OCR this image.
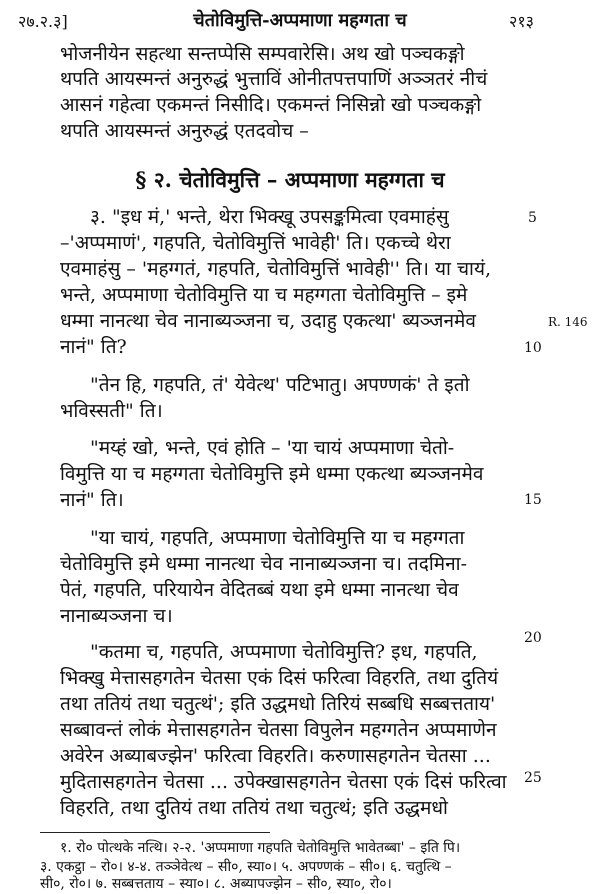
२७.२.३]	चेतोविमुत्ति-अप्पमाणा महग्गता च	२१३
भोजनीयेन सहत्था सन्तप्पेसि सम्पवारेसि। अथ खो पञ्चकङ्गो
थपति आयस्मन्तं अनुरुद्धं भुत्ताविं ओनीतपत्तपाणिं अञ्ञतरं नीचं
आसनं गहेत्वा एकमन्तं निसीदि। एकमन्तं निसिन्नो खो पञ्चकङ्गो
थपति आयस्मन्तं अनुरुद्धं एतदवोच –
§ २. चेतोविमुत्ति – अप्पमाणा महग्गता च
३. "इध मं,' भन्ते, थेरा भिक्खू उपसङ्कमित्वा एवमाहंसु
–'अप्पमाणं', गहपति, चेतोविमुत्तिं भावेही' ति। एकच्चे थेरा
एवमाहंसु – 'महग्गतं, गहपति, चेतोविमुत्तिं भावेही'' ति। या चायं,
भन्ते, अप्पमाणा चेतोविमुत्ति या च महग्गता चेतोविमुत्ति – इमे
धम्मा नानत्था चेव नानाब्यञ्जना च, उदाहु एकत्था' ब्यञ्जनमेव
नानं" ति?
"तेन हि, गहपति, तं' येवेत्थ' पटिभातु। अपण्णकं' ते इतो
भविस्सती" ति।
"मय्हं खो, भन्ते, एवं होति – 'या चायं अप्पमाणा चेतो-
विमुत्ति या च महग्गता चेतोविमुत्ति इमे धम्मा एकत्था ब्यञ्जनमेव
नानं" ति।
"या चायं, गहपति, अप्पमाणा चेतोविमुत्ति या च महग्गता
चेतोविमुत्ति इमे धम्मा नानत्था चेव नानाब्यञ्जना च। तदमिना-
पेतं, गहपति, परियायेन वेदितब्बं यथा इमे धम्मा नानत्था चेव
नानाब्यञ्जना च।
"कतमा च, गहपति, अप्पमाणा चेतोविमुत्ति? इध, गहपति,
भिक्खु मेत्तासहगतेन चेतसा एकं दिसं फरित्वा विहरति, तथा दुतियं
तथा ततियं तथा चतुत्थं'; इति उद्धमधो तिरियं सब्बधि सब्बत्तताय'
सब्बावन्तं लोकं मेत्तासहगतेन चेतसा विपुलेन महग्गतेन अप्पमाणेन
अवेरेन अब्याबज्झेन' फरित्वा विहरति। करुणासहगतेन चेतसा ...
मुदितासहगतेन चेतसा ... उपेक्खासहगतेन चेतसा एकं दिसं फरित्वा
विहरति, तथा दुतियं तथा ततियं तथा चतुत्थं; इति उद्धमधो
5
10
15
20
25
R. 146
१. रो० पोत्थके नत्थि। २-२. 'अप्पमाणा गहपति चेतोविमुत्ति भावेतब्बा' – इति पि।
३. एकट्ठा – रो०। ४-४. तञ्ञेवेत्थ – सी०, स्या०। ५. अपण्णकं – सी०। ६. चतुत्थि –
सी०, रो०। ७. सब्बत्तताय – स्या०। ८. अब्यापज्झेन – सी०, स्या०, रो०।
